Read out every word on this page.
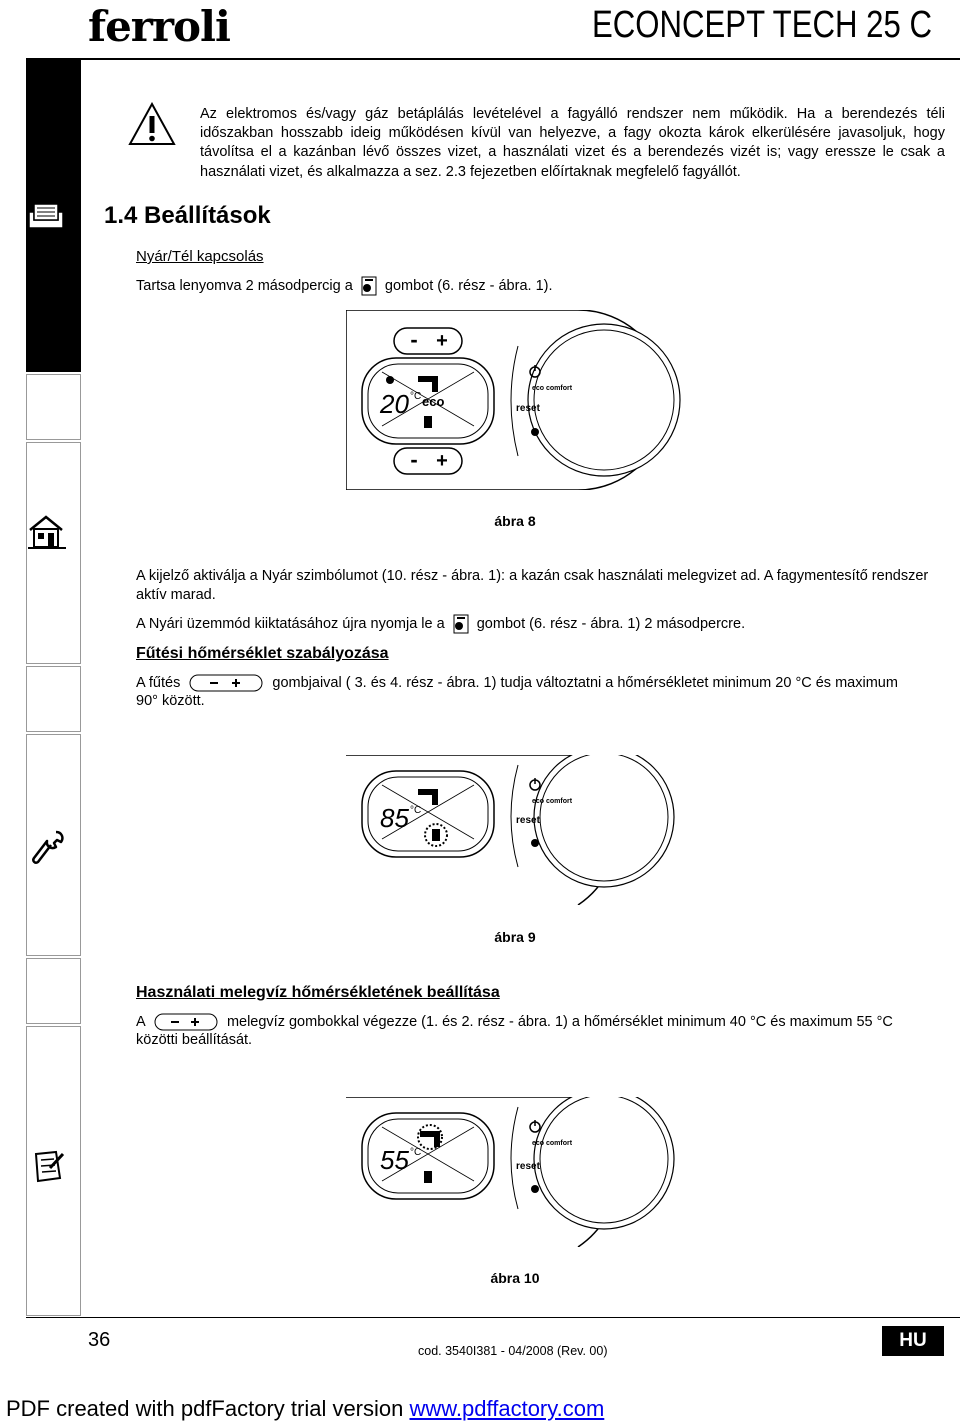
ferroli	ECONCEPT TECH 25 C
Az elektromos és/vagy gáz betáplálás levételével a fagyálló rendszer nem működik. Ha a berendezés téli időszakban hosszabb ideig működésen kívül van helyezve, a fagy okozta károk elkerülésére javasoljuk, hogy távolítsa el a kazánban lévő összes vizet, a használati vizet és a berendezés vizét is; vagy eressze le csak a használati vizet, és alkalmazza a sez. 2.3 fejezetben előírtaknak megfelelő fagyállót.
1.4 Beállítások
Nyár/Tél kapcsolás
Tartsa lenyomva 2 másodpercig a gombot (6. rész - ábra. 1).
- +
- +
20 °C eco
eco comfort
reset
ábra 8
A kijelző aktiválja a Nyár szimbólumot (10. rész - ábra. 1): a kazán csak használati melegvizet ad. A fagymentesítő rendszer aktív marad.
A Nyári üzemmód kiiktatásához újra nyomja le a gombot (6. rész - ábra. 1) 2 másodpercre.
Fűtési hőmérséklet szabályozása
A fűtés	gombjaival ( 3. és 4. rész - ábra. 1) tudja változtatni a hőmérsékletet minimum 20 °C és maximum
90° között.
85 °C
eco comfort
reset
ábra 9
Használati melegvíz hőmérsékletének beállítása
A	melegvíz gombokkal végezze (1. és 2. rész - ábra. 1) a hőmérséklet minimum 40 °C és maximum 55 °C
közötti beállítását.
55 °C
eco comfort
reset
ábra 10
36	cod. 3540I381 - 04/2008 (Rev. 00)	HU
PDF created with pdfFactory trial version www.pdffactory.com
